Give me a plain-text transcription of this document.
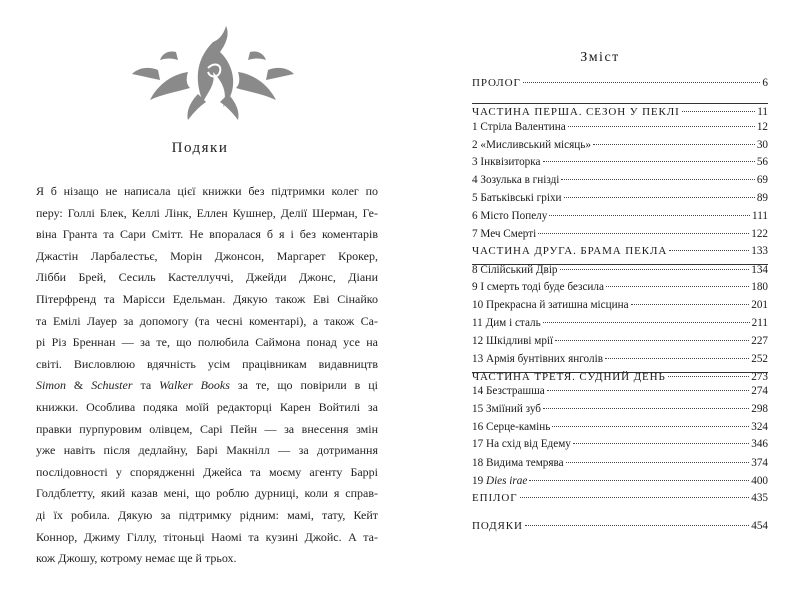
Подяки
Я б нізащо не написала цієї книжки без підтримки колег по
перу: Голлі Блек, Келлі Лінк, Еллен Кушнер, Делії Шерман, Ге-
віна Гранта та Сари Смітт. Не впоралася б я і без коментарів
Джастін Ларбалестьє, Морін Джонсон, Маргарет Крокер,
Лібби Брей, Сесиль Кастеллуччі, Джейди Джонс, Діани
Пітерфренд та Марісси Едельман. Дякую також Еві Сінайко
та Емілі Лауер за допомогу (та чесні коментарі), а також Са-
рі Різ Бреннан — за те, що полюбила Саймона понад усе на
світі. Висловлюю вдячність усім працівникам видавництв
Simon & Schuster та Walker Books за те, що повірили в ці
книжки. Особлива подяка моїй редакторці Карен Войтилі за
правки пурпуровим олівцем, Сарі Пейн — за внесення змін
уже навіть після дедлайну, Барі Макнілл — за дотримання
послідовності у спорядженні Джейса та моєму агенту Баррі
Голдблетту, який казав мені, що роблю дурниці, коли я справ-
ді їх робила. Дякую за підтримку рідним: мамі, тату, Кейт
Коннор, Джиму Гіллу, тітоньці Наомі та кузині Джойс. А та-
кож Джошу, котрому немає ще й трьох.
Зміст
ПРОЛОГ	6
ЧАСТИНА ПЕРША. СЕЗОН У ПЕКЛІ	11
1 Стріла Валентина	12
2 «Мисливський місяць»	30
3 Інквізиторка	56
4 Зозулька в гнізді	69
5 Батьківські гріхи	89
6 Місто Попелу	111
7 Меч Смерті	122
ЧАСТИНА ДРУГА. БРАМА ПЕКЛА	133
8 Сілійський Двір	134
9 І смерть тоді буде безсила	180
10 Прекрасна й затишна місцина	201
11 Дим і сталь	211
12 Шкідливі мрії	227
13 Армія бунтівних янголів	252
ЧАСТИНА ТРЕТЯ. СУДНИЙ ДЕНЬ	273
14 Безстрашша	274
15 Зміїний зуб	298
16 Серце-камінь	324
17 На схід від Едему	346
18 Видима темрява	374
19 Dies irae	400
ЕПІЛОГ	435
ПОДЯКИ	454
